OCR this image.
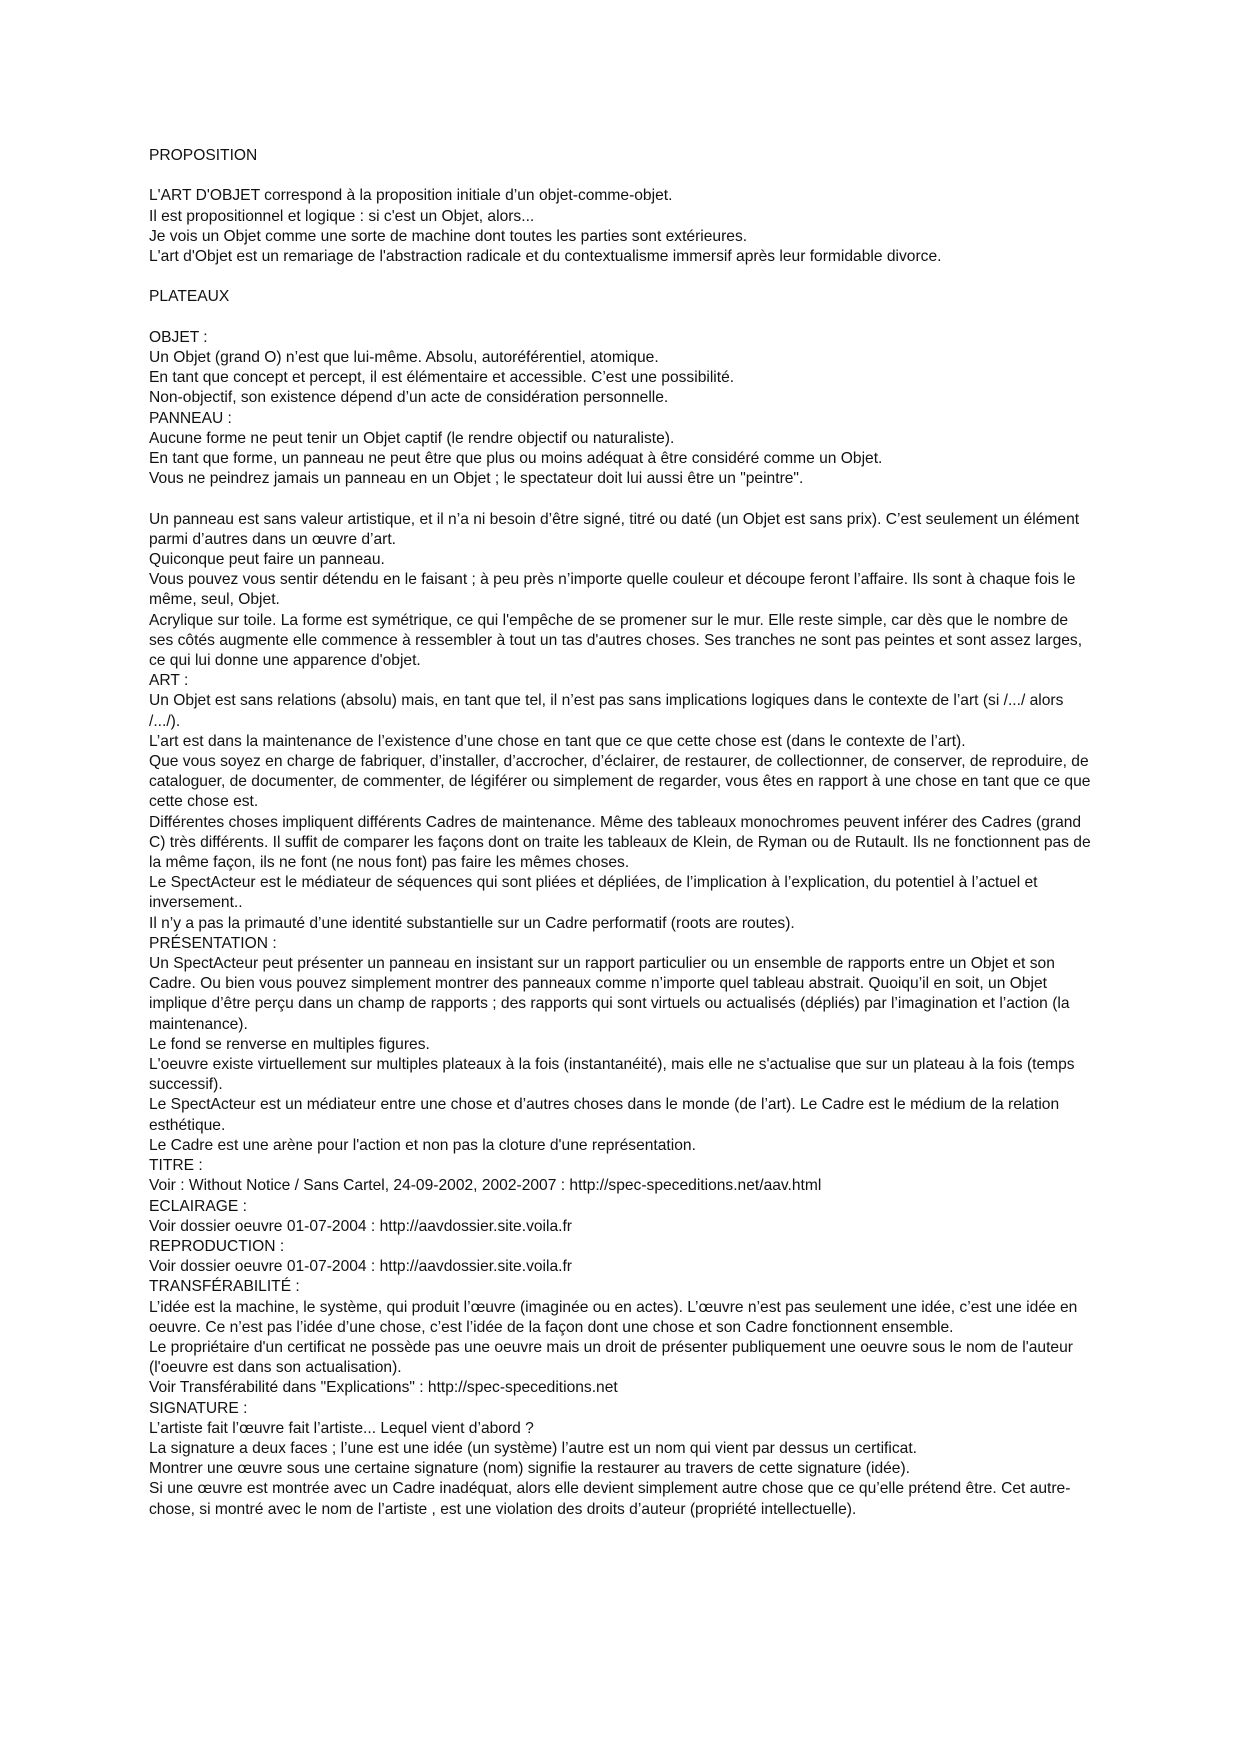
PROPOSITION

L'ART D'OBJET correspond à la proposition initiale d’un objet-comme-objet.

Il est propositionnel et logique : si c'est un Objet, alors...

Je vois un Objet comme une sorte de machine dont toutes les parties sont extérieures.

L'art d'Objet est un remariage de l'abstraction radicale et du contextualisme immersif après leur formidable divorce.

PLATEAUX

OBJET :

Un Objet (grand O) n’est que lui-même. Absolu, autoréférentiel, atomique.

En tant que concept et percept, il est élémentaire et accessible. C’est une possibilité.

Non-objectif, son existence dépend d’un acte de considération personnelle.

PANNEAU :

Aucune forme ne peut tenir un Objet captif (le rendre objectif ou naturaliste).

En tant que forme, un panneau ne peut être que plus ou moins adéquat à être considéré comme un Objet.

Vous ne peindrez jamais un panneau en un Objet ; le spectateur doit lui aussi être un "peintre".

Un panneau est sans valeur artistique, et il n’a ni besoin d’être signé, titré ou daté (un Objet est sans prix). C’est seulement un élément parmi d’autres dans un œuvre d’art.

Quiconque peut faire un panneau.

Vous pouvez vous sentir détendu en le faisant ; à peu près n’importe quelle couleur et découpe feront l’affaire. Ils sont à chaque fois le même, seul, Objet.

Acrylique sur toile. La forme est symétrique, ce qui l'empêche de se promener sur le mur. Elle reste simple, car dès que le nombre de ses côtés augmente elle commence à ressembler à tout un tas d'autres choses. Ses tranches ne sont pas peintes et sont assez larges, ce qui lui donne une apparence d'objet.

ART :

Un Objet est sans relations (absolu) mais, en tant que tel, il n’est pas sans implications logiques dans le contexte de l’art (si /.../ alors /.../).

L’art est dans la maintenance de l’existence d’une chose en tant que ce que cette chose est (dans le contexte de l’art).

Que vous soyez en charge de fabriquer, d’installer, d’accrocher, d’éclairer, de restaurer, de collectionner, de conserver, de reproduire, de cataloguer, de documenter, de commenter, de légiférer ou simplement de regarder, vous êtes en rapport à une chose en tant que ce que cette chose est.

Différentes choses impliquent différents Cadres de maintenance. Même des tableaux monochromes peuvent inférer des Cadres (grand C) très différents. Il suffit de comparer les façons dont on traite les tableaux de Klein, de Ryman ou de Rutault. Ils ne fonctionnent pas de la même façon, ils ne font (ne nous font) pas faire les mêmes choses.

Le SpectActeur est le médiateur de séquences qui sont pliées et dépliées, de l’implication à l’explication, du potentiel à l’actuel et inversement..

Il n’y a pas la primauté d’une identité substantielle sur un Cadre performatif (roots are routes).

PRÉSENTATION :

Un SpectActeur peut présenter un panneau en insistant sur un rapport particulier ou un ensemble de rapports entre un Objet et son Cadre. Ou bien vous pouvez simplement montrer des panneaux comme n’importe quel tableau abstrait. Quoiqu’il en soit, un Objet implique d’être perçu dans un champ de rapports ; des rapports qui sont virtuels ou actualisés (dépliés) par l’imagination et l’action (la maintenance).

Le fond se renverse en multiples figures.

L'oeuvre existe virtuellement sur multiples plateaux à la fois (instantanéité), mais elle ne s'actualise que sur un plateau à la fois (temps successif).

Le SpectActeur est un médiateur entre une chose et d’autres choses dans le monde (de l’art). Le Cadre est le médium de la relation esthétique.

Le Cadre est une arène pour l'action et non pas la cloture d'une représentation.

TITRE :

Voir : Without Notice / Sans Cartel, 24-09-2002, 2002-2007 : http://spec-speceditions.net/aav.html

ECLAIRAGE :

Voir dossier oeuvre 01-07-2004 : http://aavdossier.site.voila.fr

REPRODUCTION :

Voir dossier oeuvre 01-07-2004 : http://aavdossier.site.voila.fr

TRANSFÉRABILITÉ :

L’idée est la machine, le système, qui produit l’œuvre (imaginée ou en actes). L’œuvre n’est pas seulement une idée, c’est une idée en oeuvre. Ce n’est pas l’idée d’une chose, c’est l’idée de la façon dont une chose et son Cadre fonctionnent ensemble.

Le propriétaire d'un certificat ne possède pas une oeuvre mais un droit de présenter publiquement une oeuvre sous le nom de l'auteur (l'oeuvre est dans son actualisation).

Voir Transférabilité dans "Explications" : http://spec-speceditions.net

SIGNATURE :

L’artiste fait l’œuvre fait l’artiste... Lequel vient d’abord ?

La signature a deux faces ; l’une est une idée (un système) l’autre est un nom qui vient par dessus un certificat.

Montrer une œuvre sous une certaine signature (nom) signifie la restaurer au travers de cette signature (idée).

Si une œuvre est montrée avec un Cadre inadéquat, alors elle devient simplement autre chose que ce qu’elle prétend être. Cet autre-chose, si montré avec le nom de l’artiste , est une violation des droits d’auteur (propriété intellectuelle).
